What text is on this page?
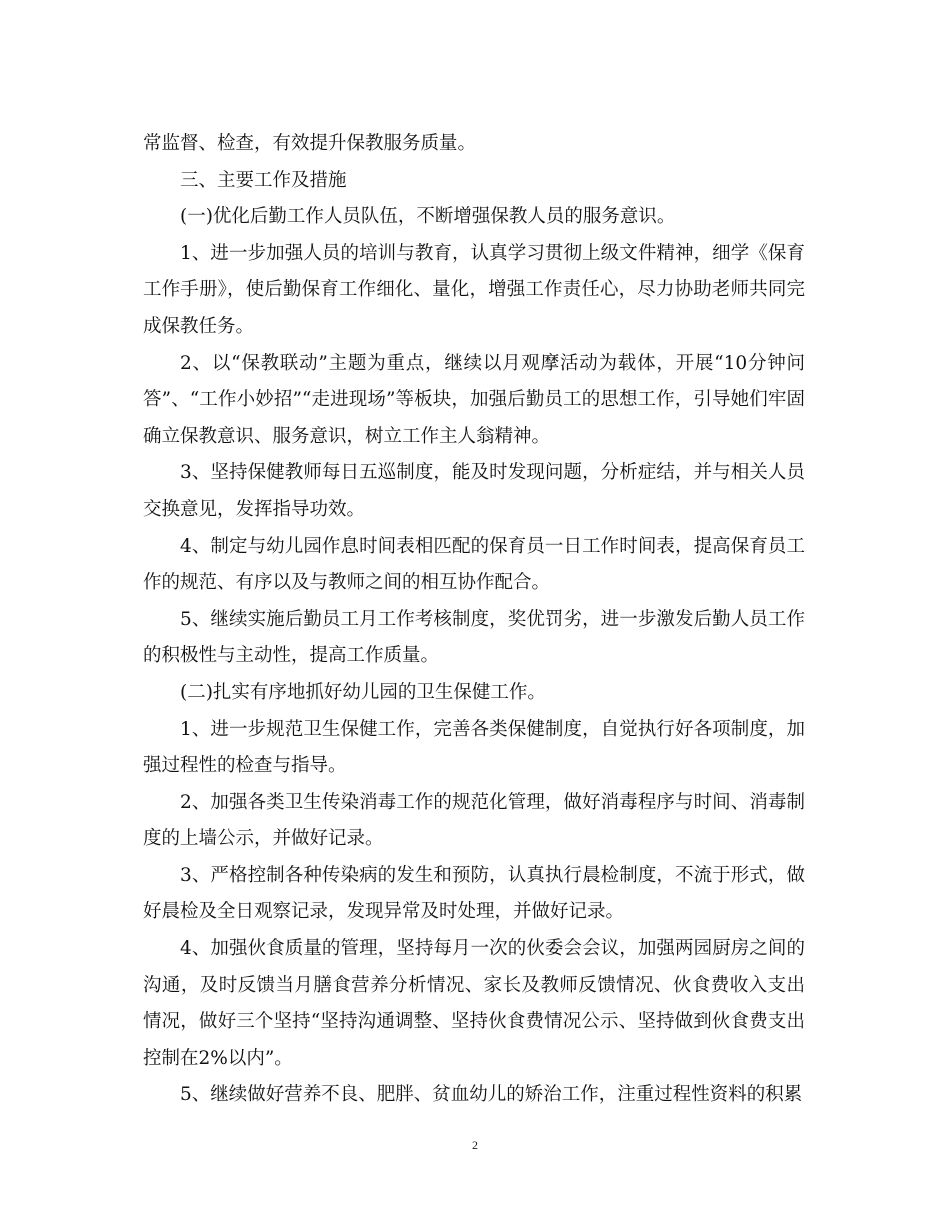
常监督、检查，有效提升保教服务质量。

三、主要工作及措施

(一)优化后勤工作人员队伍，不断增强保教人员的服务意识。

1、进一步加强人员的培训与教育，认真学习贯彻上级文件精神，细学《保育工作手册》，使后勤保育工作细化、量化，增强工作责任心，尽力协助老师共同完成保教任务。

2、以“保教联动”主题为重点，继续以月观摩活动为载体，开展“10分钟问答”、“工作小妙招”“走进现场”等板块，加强后勤员工的思想工作，引导她们牢固确立保教意识、服务意识，树立工作主人翁精神。

3、坚持保健教师每日五巡制度，能及时发现问题，分析症结，并与相关人员交换意见，发挥指导功效。

4、制定与幼儿园作息时间表相匹配的保育员一日工作时间表，提高保育员工作的规范、有序以及与教师之间的相互协作配合。

5、继续实施后勤员工月工作考核制度，奖优罚劣，进一步激发后勤人员工作的积极性与主动性，提高工作质量。

(二)扎实有序地抓好幼儿园的卫生保健工作。

1、进一步规范卫生保健工作，完善各类保健制度，自觉执行好各项制度，加强过程性的检查与指导。

2、加强各类卫生传染消毒工作的规范化管理，做好消毒程序与时间、消毒制度的上墙公示，并做好记录。

3、严格控制各种传染病的发生和预防，认真执行晨检制度，不流于形式，做好晨检及全日观察记录，发现异常及时处理，并做好记录。

4、加强伙食质量的管理，坚持每月一次的伙委会会议，加强两园厨房之间的沟通，及时反馈当月膳食营养分析情况、家长及教师反馈情况、伙食费收入支出情况，做好三个坚持“坚持沟通调整、坚持伙食费情况公示、坚持做到伙食费支出控制在2%以内”。

5、继续做好营养不良、肥胖、贫血幼儿的矫治工作，注重过程性资料的积累

2
